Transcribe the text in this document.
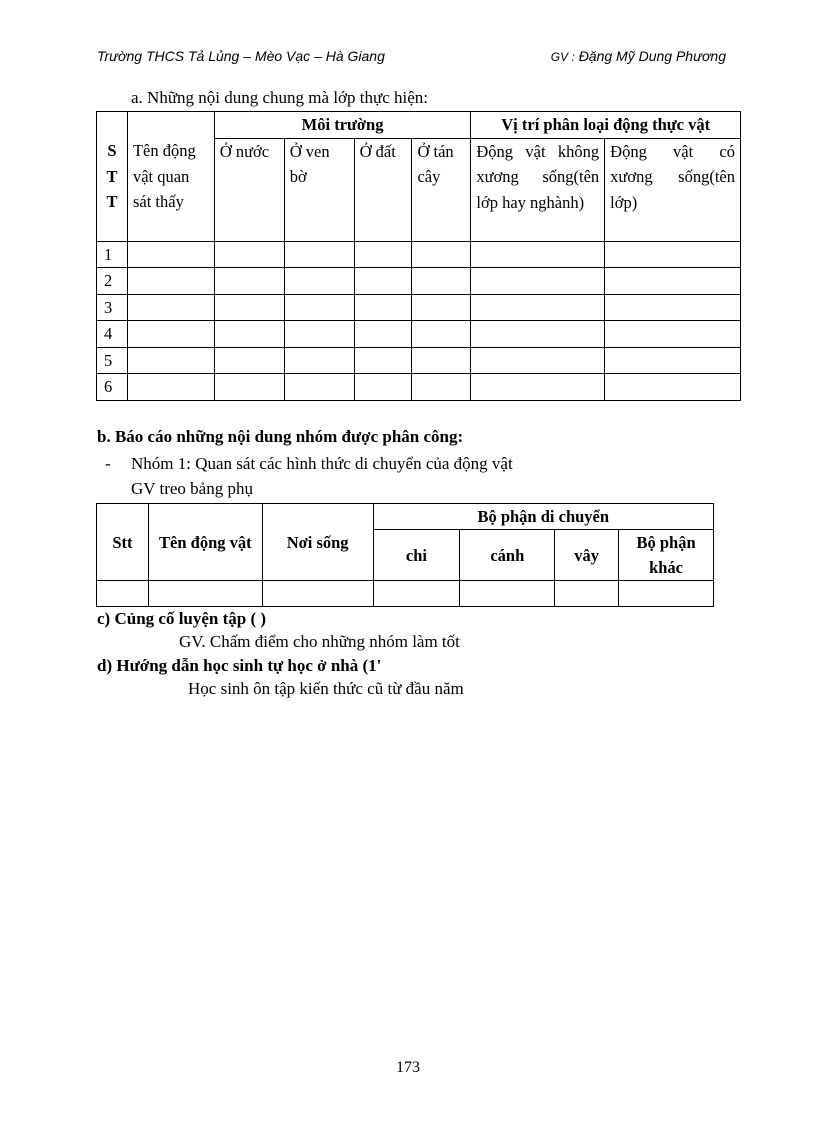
Trường THCS Tả Lủng – Mèo Vạc – Hà Giang	GV : Đặng Mỹ Dung Phương
a. Những nội dung chung mà lớp thực hiện:
S
T
T	Tên động vật quan sát thấy	Môi trường				Vị trí phân loại động thực vật	
		Ở nước	Ở ven bờ	Ở đất	Ở tán cây	Động vật không xương sống(tên lớp hay nghành)	Động vật có xương sống(tên lớp)
1							
2							
3							
4							
5							
6							
b. Báo cáo những nội dung nhóm được phân công:
- Nhóm 1: Quan sát các hình thức di chuyển của động vật
GV treo bảng phụ
Stt	Tên động vật	Nơi sống	Bộ phận di chuyển			
			chi	cánh	vây	Bộ phận khác

c) Củng cố luyện tập ( )
GV. Chấm điểm cho những nhóm làm tốt
d) Hướng dẫn học sinh tự học ở nhà (1'
Học sinh ôn tập kiến thức cũ từ đầu năm
173
